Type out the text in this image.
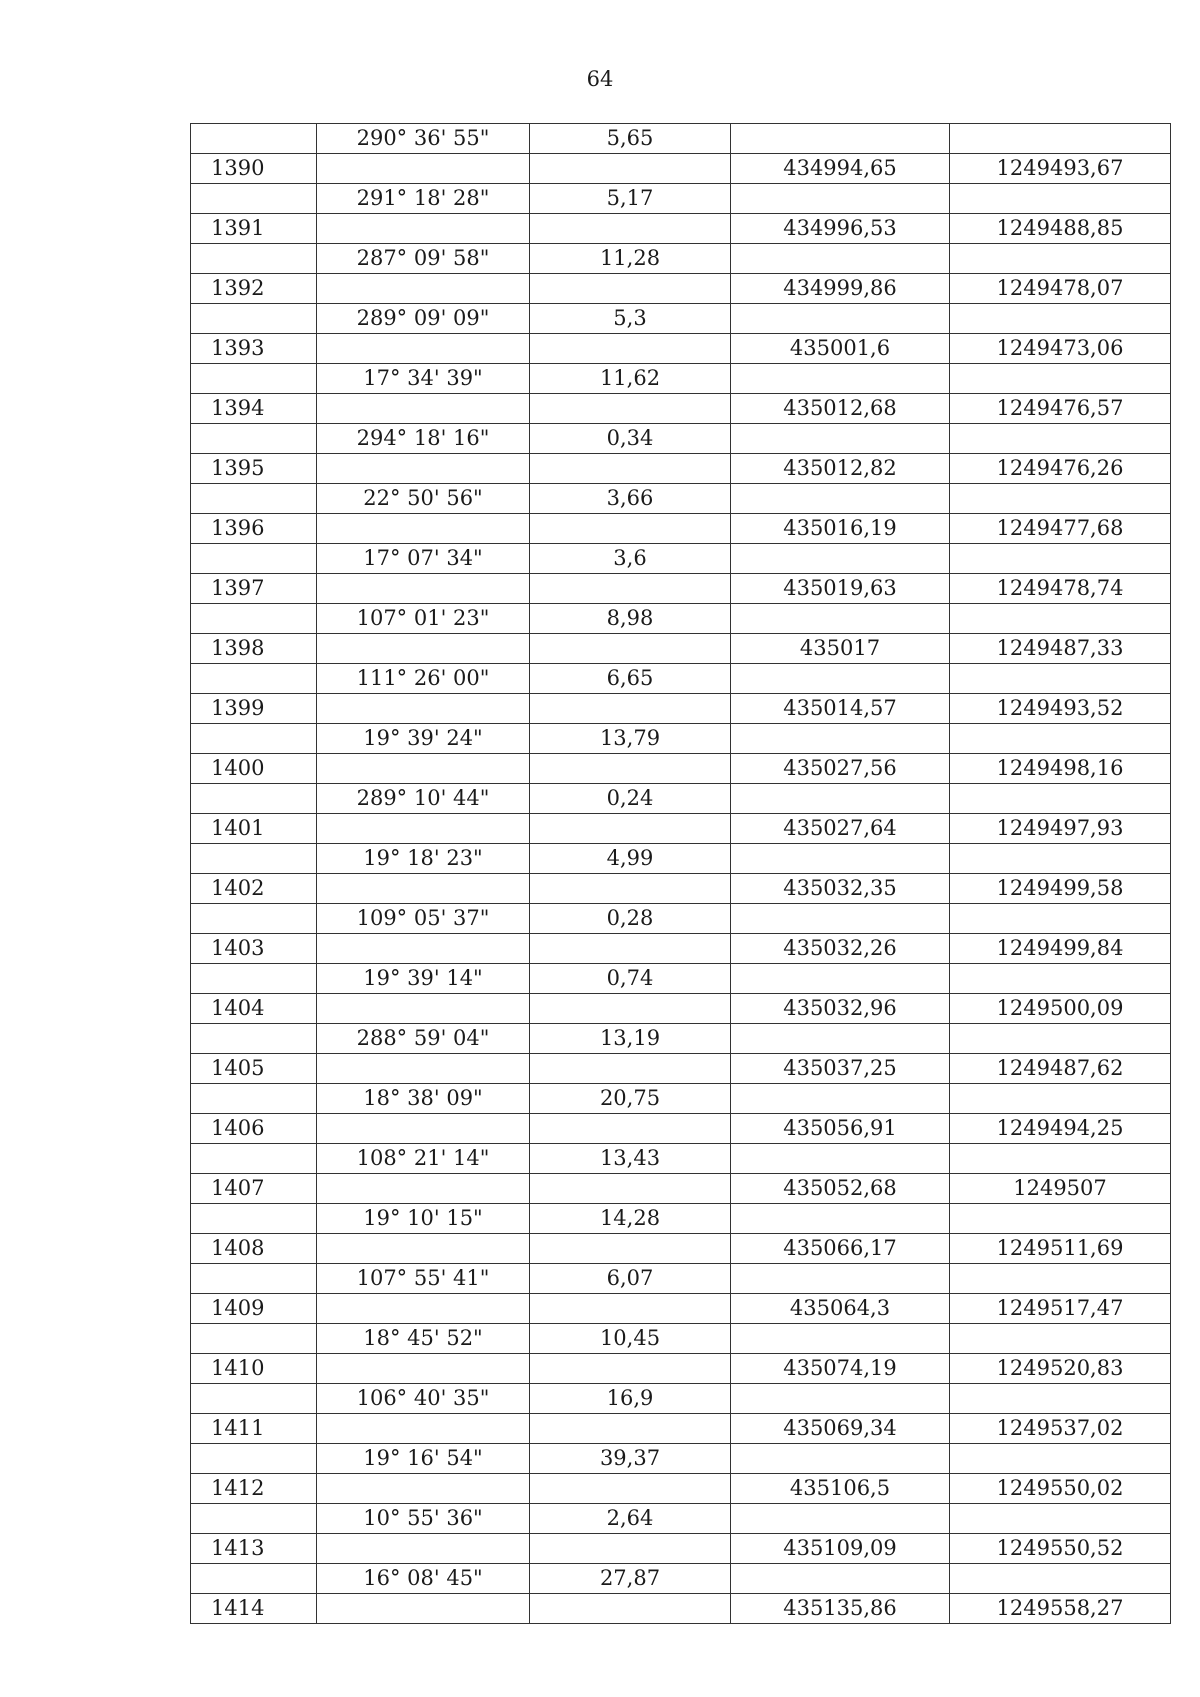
64
	290° 36' 55"	5,65		
1390			434994,65	1249493,67
	291° 18' 28"	5,17		
1391			434996,53	1249488,85
	287° 09' 58"	11,28		
1392			434999,86	1249478,07
	289° 09' 09"	5,3		
1393			435001,6	1249473,06
	17° 34' 39"	11,62		
1394			435012,68	1249476,57
	294° 18' 16"	0,34		
1395			435012,82	1249476,26
	22° 50' 56"	3,66		
1396			435016,19	1249477,68
	17° 07' 34"	3,6		
1397			435019,63	1249478,74
	107° 01' 23"	8,98		
1398			435017	1249487,33
	111° 26' 00"	6,65		
1399			435014,57	1249493,52
	19° 39' 24"	13,79		
1400			435027,56	1249498,16
	289° 10' 44"	0,24		
1401			435027,64	1249497,93
	19° 18' 23"	4,99		
1402			435032,35	1249499,58
	109° 05' 37"	0,28		
1403			435032,26	1249499,84
	19° 39' 14"	0,74		
1404			435032,96	1249500,09
	288° 59' 04"	13,19		
1405			435037,25	1249487,62
	18° 38' 09"	20,75		
1406			435056,91	1249494,25
	108° 21' 14"	13,43		
1407			435052,68	1249507
	19° 10' 15"	14,28		
1408			435066,17	1249511,69
	107° 55' 41"	6,07		
1409			435064,3	1249517,47
	18° 45' 52"	10,45		
1410			435074,19	1249520,83
	106° 40' 35"	16,9		
1411			435069,34	1249537,02
	19° 16' 54"	39,37		
1412			435106,5	1249550,02
	10° 55' 36"	2,64		
1413			435109,09	1249550,52
	16° 08' 45"	27,87		
1414			435135,86	1249558,27
